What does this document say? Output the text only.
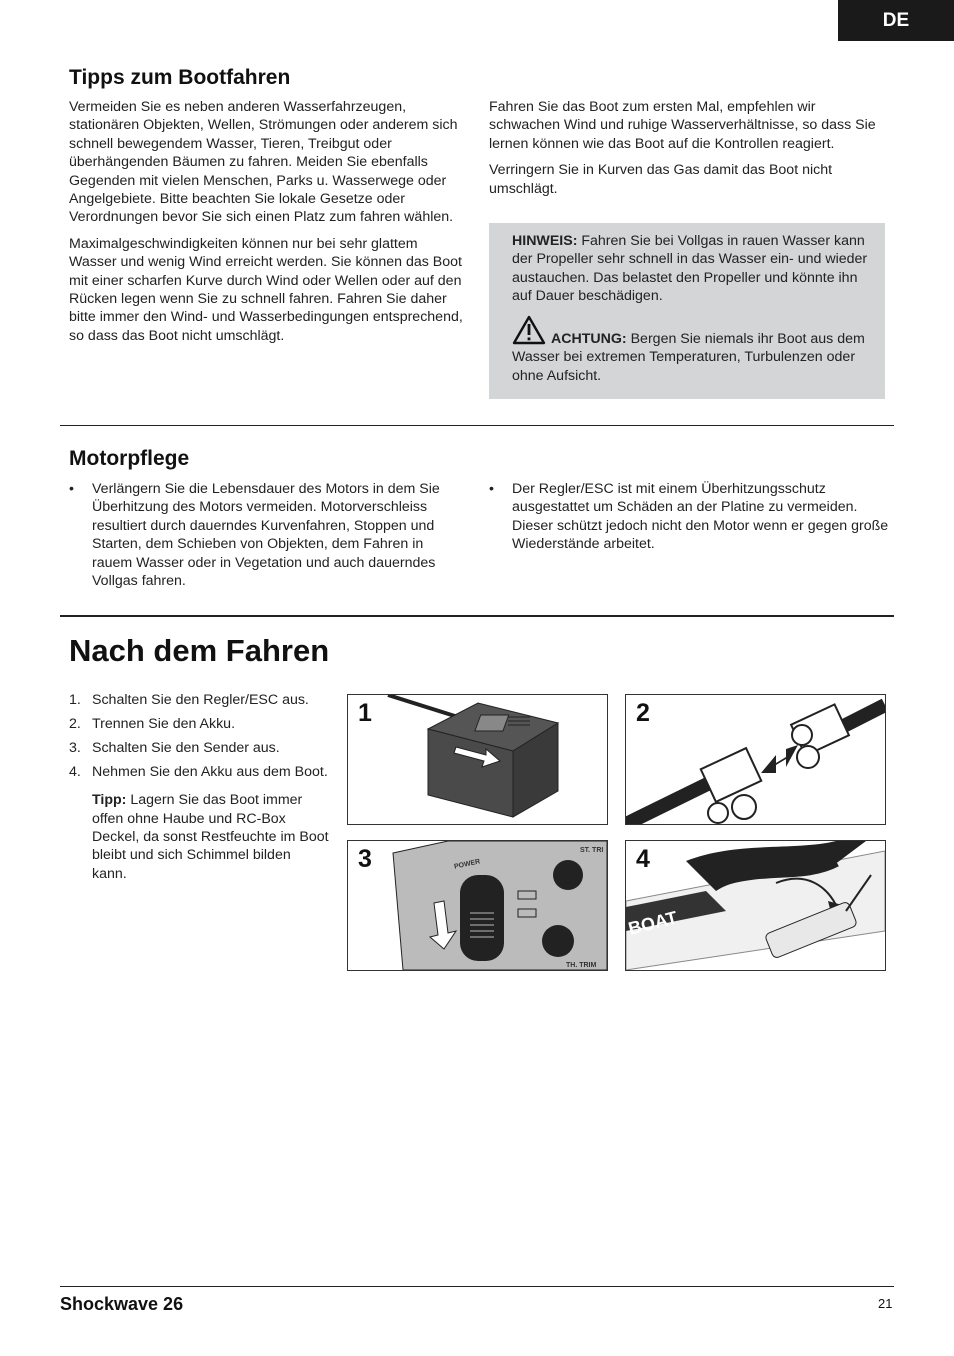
DE
Tipps zum Bootfahren

Vermeiden Sie es neben anderen Wasserfahrzeugen, stationären Objekten, Wellen, Strömungen oder anderem sich schnell bewegendem Wasser, Tieren, Treibgut oder überhängenden Bäumen zu fahren. Meiden Sie ebenfalls Gegenden mit vielen Menschen, Parks u. Wasserwege oder Angelgebiete. Bitte beachten Sie lokale Gesetze oder Verordnungen bevor Sie sich einen Platz zum fahren wählen.

Maximalgeschwindigkeiten können nur bei sehr glattem Wasser und wenig Wind erreicht werden. Sie können das Boot mit einer scharfen Kurve durch Wind oder Wellen oder auf den Rücken legen wenn Sie zu schnell fahren. Fahren Sie daher bitte immer den Wind- und Wasserbedingungen entsprechend, so dass das Boot nicht umschlägt.

Fahren Sie das Boot zum ersten Mal, empfehlen wir schwachen Wind und ruhige Wasserverhältnisse, so dass Sie lernen können wie das Boot auf die Kontrollen reagiert.

Verringern Sie in Kurven das Gas damit das Boot nicht umschlägt.

HINWEIS: Fahren Sie bei Vollgas in rauen Wasser kann der Propeller sehr schnell in das Wasser ein- und wieder austauchen. Das belastet den Propeller und könnte ihn auf Dauer beschädigen.
ACHTUNG: Bergen Sie niemals ihr Boot aus dem Wasser bei extremen Temperaturen, Turbulenzen oder ohne Aufsicht.
Motorpflege
• Verlängern Sie die Lebensdauer des Motors in dem Sie Überhitzung des Motors vermeiden. Motorverschleiss resultiert durch dauerndes Kurvenfahren, Stoppen und Starten, dem Schieben von Objekten, dem Fahren in rauem Wasser oder in Vegetation und auch dauerndes Vollgas fahren.
• Der Regler/ESC ist mit einem Überhitzungsschutz ausgestattet um Schäden an der Platine zu vermeiden. Dieser schützt jedoch nicht den Motor wenn er gegen große Wiederstände arbeitet.
Nach dem Fahren
1. Schalten Sie den Regler/ESC aus.
2. Trennen Sie den Akku.
3. Schalten Sie den Sender aus.
4. Nehmen Sie den Akku aus dem Boot.
Tipp: Lagern Sie das Boot immer offen ohne Haube und RC-Box Deckel, da sonst Restfeuchte im Boot bleibt und sich Schimmel bilden kann.
1	2
POWER
ST. TRI
TH. TRIM
3
BOAT
4
Shockwave 26	21
